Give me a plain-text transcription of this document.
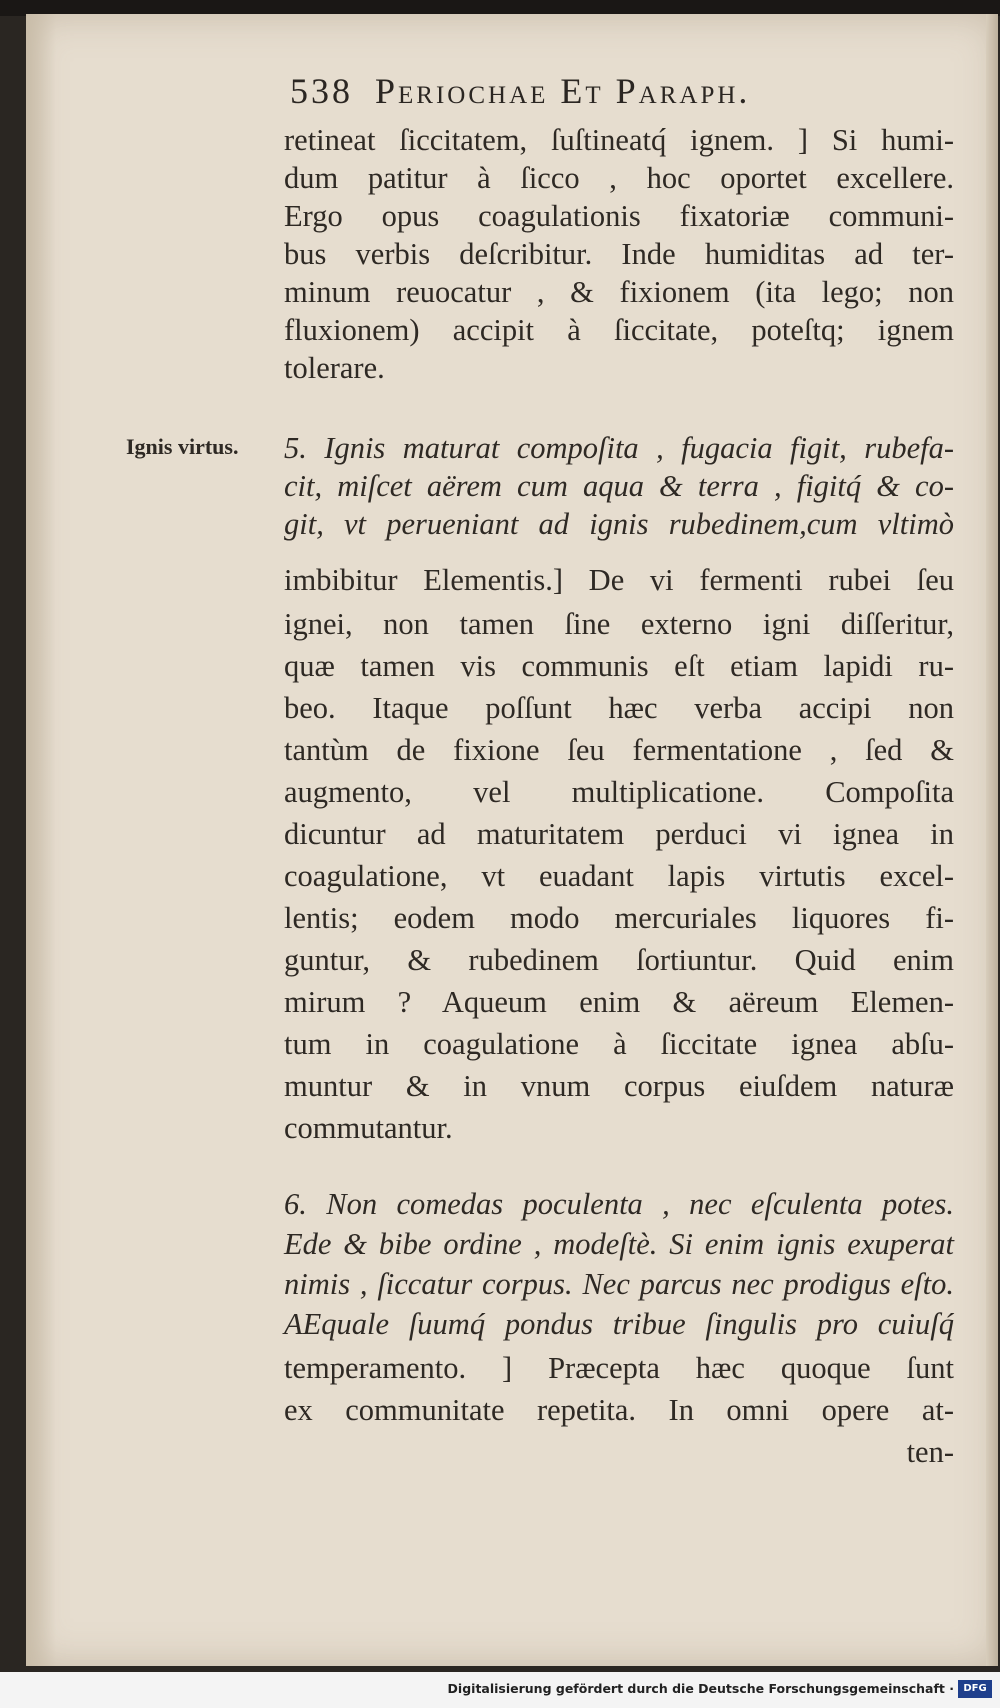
538 Periochae Et Paraph.
Ignis virtus.
retineat ſiccitatem, ſuſtineatq́ ignem. ] Si humi-
dum patitur à ſicco , hoc oportet excellere.
Ergo opus coagulationis fixatoriæ communi-
bus verbis deſcribitur. Inde humiditas ad ter-
minum reuocatur , & fixionem (ita lego; non
fluxionem) accipit à ſiccitate, poteſtq; ignem
tolerare.
5. Ignis maturat compoſita , fugacia figit, rubefa-
cit, miſcet aërem cum aqua & terra , figitq́ & co-
git, vt perueniant ad ignis rubedinem,cum vltimò
imbibitur Elementis.] De vi fermenti rubei ſeu
ignei, non tamen ſine externo igni diſſeritur,
quæ tamen vis communis eſt etiam lapidi ru-
beo. Itaque poſſunt hæc verba accipi non
tantùm de fixione ſeu fermentatione , ſed &
augmento, vel multiplicatione. Compoſita
dicuntur ad maturitatem perduci vi ignea in
coagulatione, vt euadant lapis virtutis excel-
lentis; eodem modo mercuriales liquores fi-
guntur, & rubedinem ſortiuntur. Quid enim
mirum ? Aqueum enim & aëreum Elemen-
tum in coagulatione à ſiccitate ignea abſu-
muntur & in vnum corpus eiuſdem naturæ
commutantur.
6. Non comedas poculenta , nec eſculenta potes.
Ede & bibe ordine , modeſtè. Si enim ignis exuperat
nimis , ſiccatur corpus. Nec parcus nec prodigus eſto.
AEquale ſuumq́ pondus tribue ſingulis pro cuiuſq́
temperamento. ] Præcepta hæc quoque ſunt
ex communitate repetita. In omni opere at-
ten-
Digitalisierung gefördert durch die Deutsche Forschungsgemeinschaft · DFG
